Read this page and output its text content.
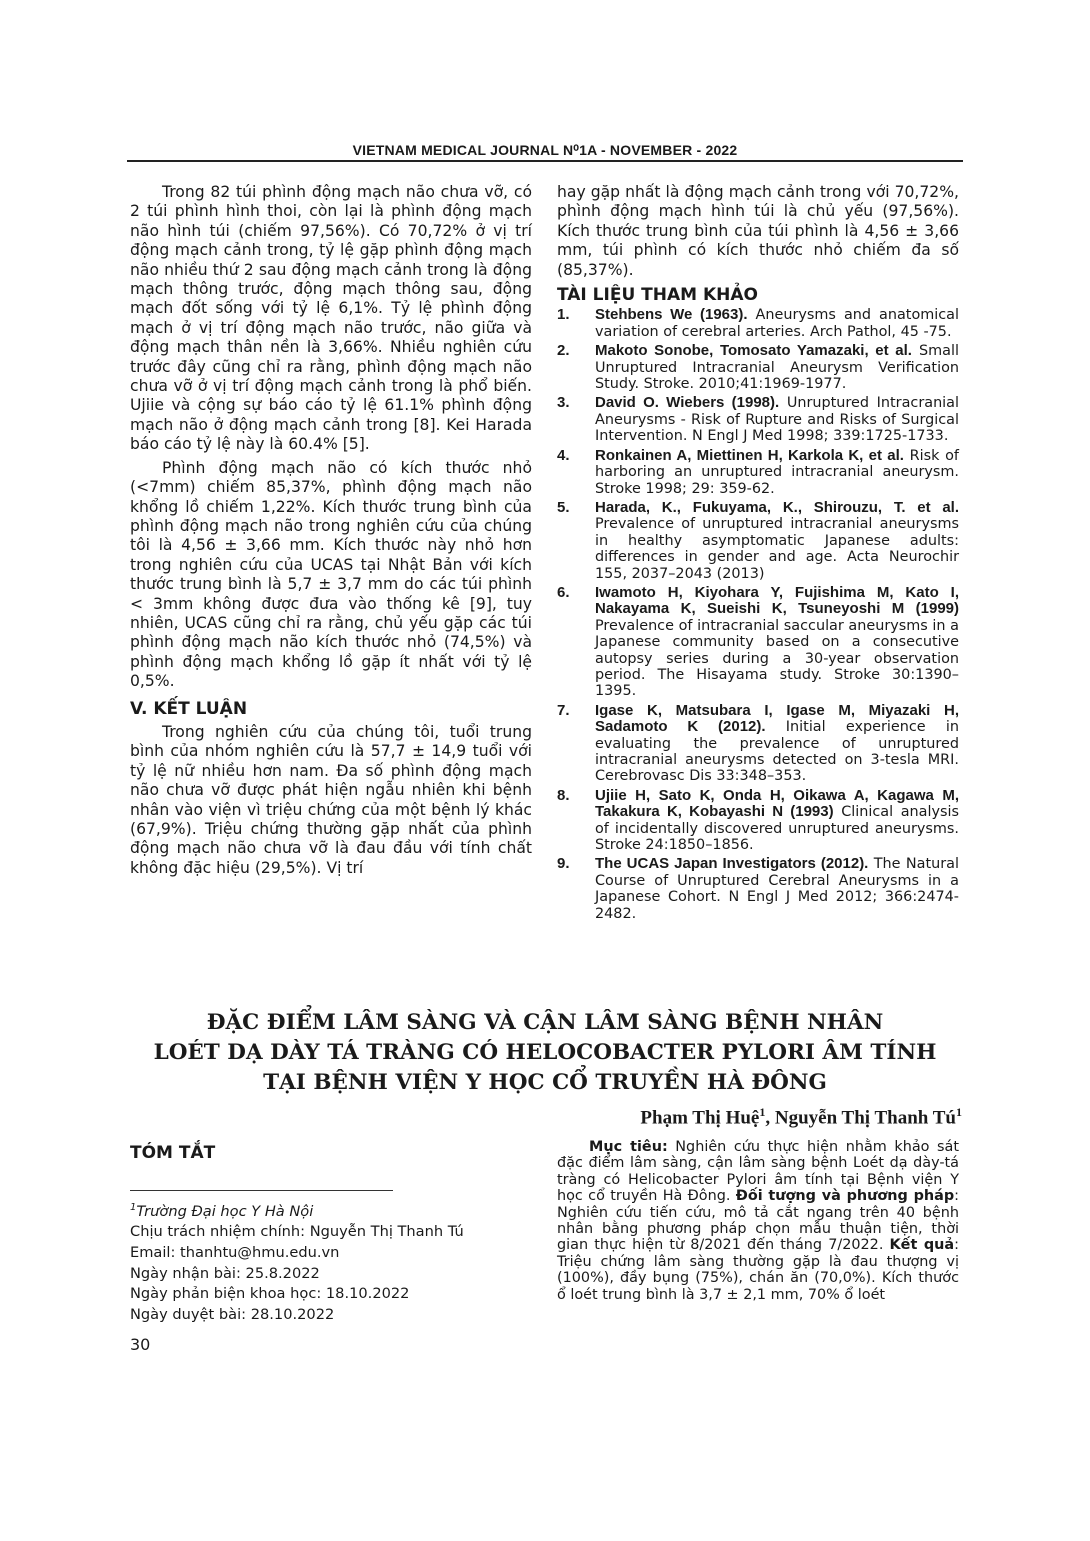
VIETNAM MEDICAL JOURNAL N⁰1A - NOVEMBER - 2022

Trong 82 túi phình động mạch não chưa vỡ, có 2 túi phình hình thoi, còn lại là phình động mạch não hình túi (chiếm 97,56%). Có 70,72% ở vị trí động mạch cảnh trong, tỷ lệ gặp phình động mạch não nhiều thứ 2 sau động mạch cảnh trong là động mạch thông trước, động mạch thông sau, động mạch đốt sống với tỷ lệ 6,1%. Tỷ lệ phình động mạch ở vị trí động mạch não trước, não giữa và động mạch thân nền là 3,66%. Nhiều nghiên cứu trước đây cũng chỉ ra rằng, phình động mạch não chưa vỡ ở vị trí động mạch cảnh trong là phổ biến. Ujiie và cộng sự báo cáo tỷ lệ 61.1% phình động mạch não ở động mạch cảnh trong [8]. Kei Harada báo cáo tỷ lệ này là 60.4% [5].

Phình động mạch não có kích thước nhỏ (<7mm) chiếm 85,37%, phình động mạch não khổng lồ chiếm 1,22%. Kích thước trung bình của phình động mạch não trong nghiên cứu của chúng tôi là 4,56 ± 3,66 mm. Kích thước này nhỏ hơn trong nghiên cứu của UCAS tại Nhật Bản với kích thước trung bình là 5,7 ± 3,7 mm do các túi phình < 3mm không được đưa vào thống kê [9], tuy nhiên, UCAS cũng chỉ ra rằng, chủ yếu gặp các túi phình động mạch não kích thước nhỏ (74,5%) và phình động mạch khổng lồ gặp ít nhất với tỷ lệ 0,5%.

V. KẾT LUẬN

Trong nghiên cứu của chúng tôi, tuổi trung bình của nhóm nghiên cứu là 57,7 ± 14,9 tuổi với tỷ lệ nữ nhiều hơn nam. Đa số phình động mạch não chưa vỡ được phát hiện ngẫu nhiên khi bệnh nhân vào viện vì triệu chứng của một bệnh lý khác (67,9%). Triệu chứng thường gặp nhất của phình động mạch não chưa vỡ là đau đầu với tính chất không đặc hiệu (29,5%). Vị trí

hay gặp nhất là động mạch cảnh trong với 70,72%, phình động mạch hình túi là chủ yếu (97,56%). Kích thước trung bình của túi phình là 4,56 ± 3,66 mm, túi phình có kích thước nhỏ chiếm đa số (85,37%).

TÀI LIỆU THAM KHẢO
1. Stehbens We (1963). Aneurysms and anatomical variation of cerebral arteries. Arch Pathol, 45 -75.
2. Makoto Sonobe, Tomosato Yamazaki, et al. Small Unruptured Intracranial Aneurysm Verification Study. Stroke. 2010;41:1969-1977.
3. David O. Wiebers (1998). Unruptured Intracranial Aneurysms - Risk of Rupture and Risks of Surgical Intervention. N Engl J Med 1998; 339:1725-1733.
4. Ronkainen A, Miettinen H, Karkola K, et al. Risk of harboring an unruptured intracranial aneurysm. Stroke 1998; 29: 359-62.
5. Harada, K., Fukuyama, K., Shirouzu, T. et al. Prevalence of unruptured intracranial aneurysms in healthy asymptomatic Japanese adults: differences in gender and age. Acta Neurochir 155, 2037–2043 (2013)
6. Iwamoto H, Kiyohara Y, Fujishima M, Kato I, Nakayama K, Sueishi K, Tsuneyoshi M (1999) Prevalence of intracranial saccular aneurysms in a Japanese community based on a consecutive autopsy series during a 30-year observation period. The Hisayama study. Stroke 30:1390–1395.
7. Igase K, Matsubara I, Igase M, Miyazaki H, Sadamoto K (2012). Initial experience in evaluating the prevalence of unruptured intracranial aneurysms detected on 3-tesla MRI. Cerebrovasc Dis 33:348–353.
8. Ujiie H, Sato K, Onda H, Oikawa A, Kagawa M, Takakura K, Kobayashi N (1993) Clinical analysis of incidentally discovered unruptured aneurysms. Stroke 24:1850–1856.
9. The UCAS Japan Investigators (2012). The Natural Course of Unruptured Cerebral Aneurysms in a Japanese Cohort. N Engl J Med 2012; 366:2474-2482.
ĐẶC ĐIỂM LÂM SÀNG VÀ CẬN LÂM SÀNG BỆNH NHÂN
LOÉT DẠ DÀY TÁ TRÀNG CÓ HELOCOBACTER PYLORI ÂM TÍNH
TẠI BỆNH VIỆN Y HỌC CỔ TRUYỀN HÀ ĐÔNG
Phạm Thị Huệ$^1$, Nguyễn Thị Thanh $Tú^1$
TÓM TẮT
$^1$Trường Đại học Y Hà Nội
Chịu trách nhiệm chính: Nguyễn Thị Thanh Tú
Email: thanhtu@hmu.edu.vn
Ngày nhận bài: 25.8.2022
Ngày phản biện khoa học: 18.10.2022
Ngày duyệt bài: 28.10.2022
30
Mục tiêu: Nghiên cứu thực hiện nhằm khảo sát đặc điểm lâm sàng, cận lâm sàng bệnh Loét dạ dày-tá tràng có Helicobacter Pylori âm tính tại Bệnh viện Y học cổ truyền Hà Đông. Đối tượng và phương pháp: Nghiên cứu tiến cứu, mô tả cắt ngang trên 40 bệnh nhân bằng phương pháp chọn mẫu thuận tiện, thời gian thực hiện từ 8/2021 đến tháng 7/2022. Kết quả: Triệu chứng lâm sàng thường gặp là đau thượng vị (100%), đầy bụng (75%), chán ăn (70,0%). Kích thước ổ loét trung bình là 3,7 ± 2,1 mm, 70% ổ loét
